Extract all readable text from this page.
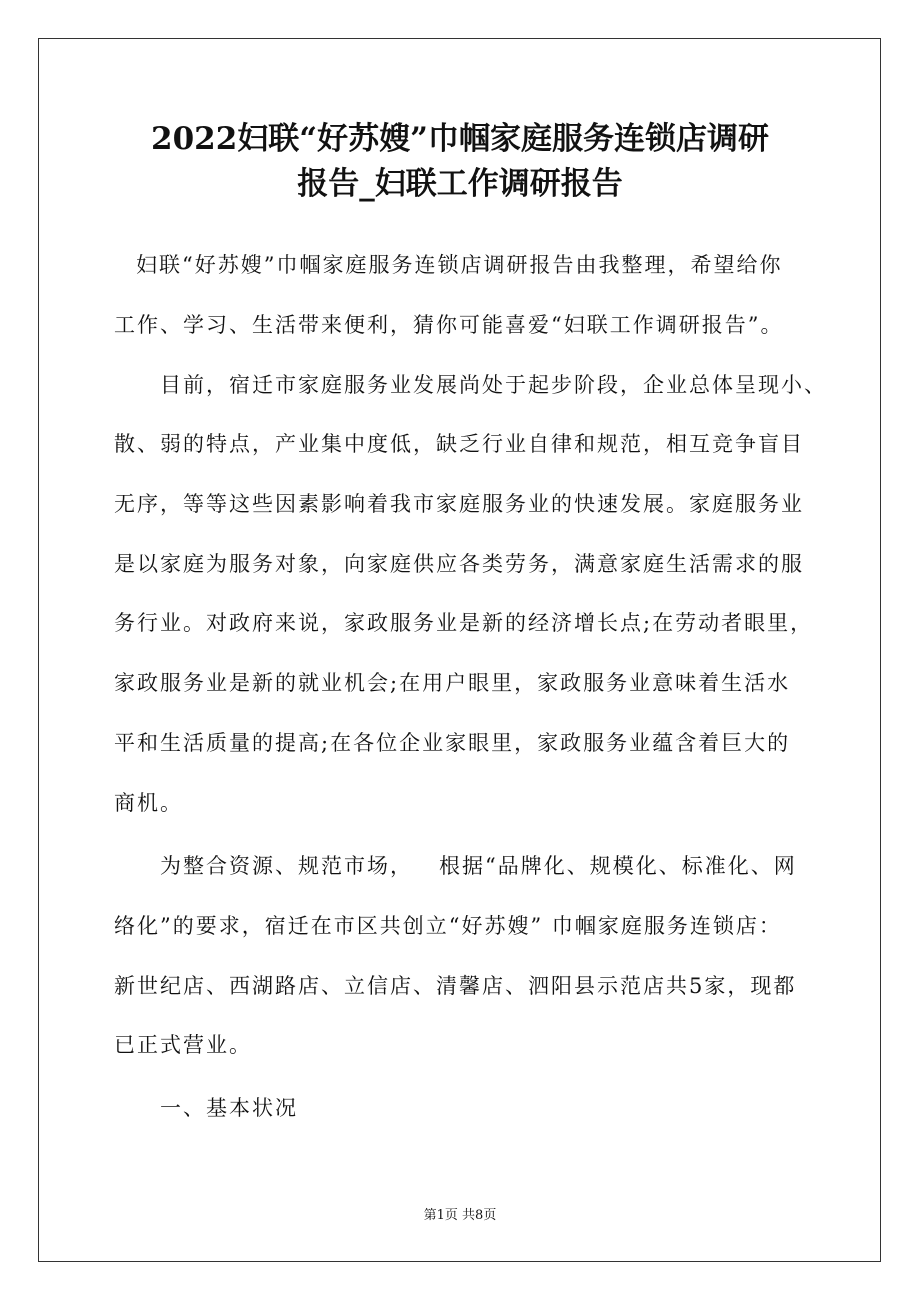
2022妇联“好苏嫂”巾帼家庭服务连锁店调研
报告_妇联工作调研报告
妇联“好苏嫂”巾帼家庭服务连锁店调研报告由我整理，希望给你
工作、学习、生活带来便利，猜你可能喜爱“妇联工作调研报告”。
目前，宿迁市家庭服务业发展尚处于起步阶段，企业总体呈现小、
散、弱的特点，产业集中度低，缺乏行业自律和规范，相互竞争盲目
无序，等等这些因素影响着我市家庭服务业的快速发展。家庭服务业
是以家庭为服务对象，向家庭供应各类劳务，满意家庭生活需求的服
务行业。对政府来说，家政服务业是新的经济增长点;在劳动者眼里，
家政服务业是新的就业机会;在用户眼里，家政服务业意味着生活水
平和生活质量的提高;在各位企业家眼里，家政服务业蕴含着巨大的
商机。
为整合资源、规范市场，   根据“品牌化、规模化、标准化、网
络化”的要求，宿迁在市区共创立“好苏嫂” 巾帼家庭服务连锁店：
新世纪店、西湖路店、立信店、清馨店、泗阳县示范店共5家，现都
已正式营业。
一、基本状况
第1页 共8页
